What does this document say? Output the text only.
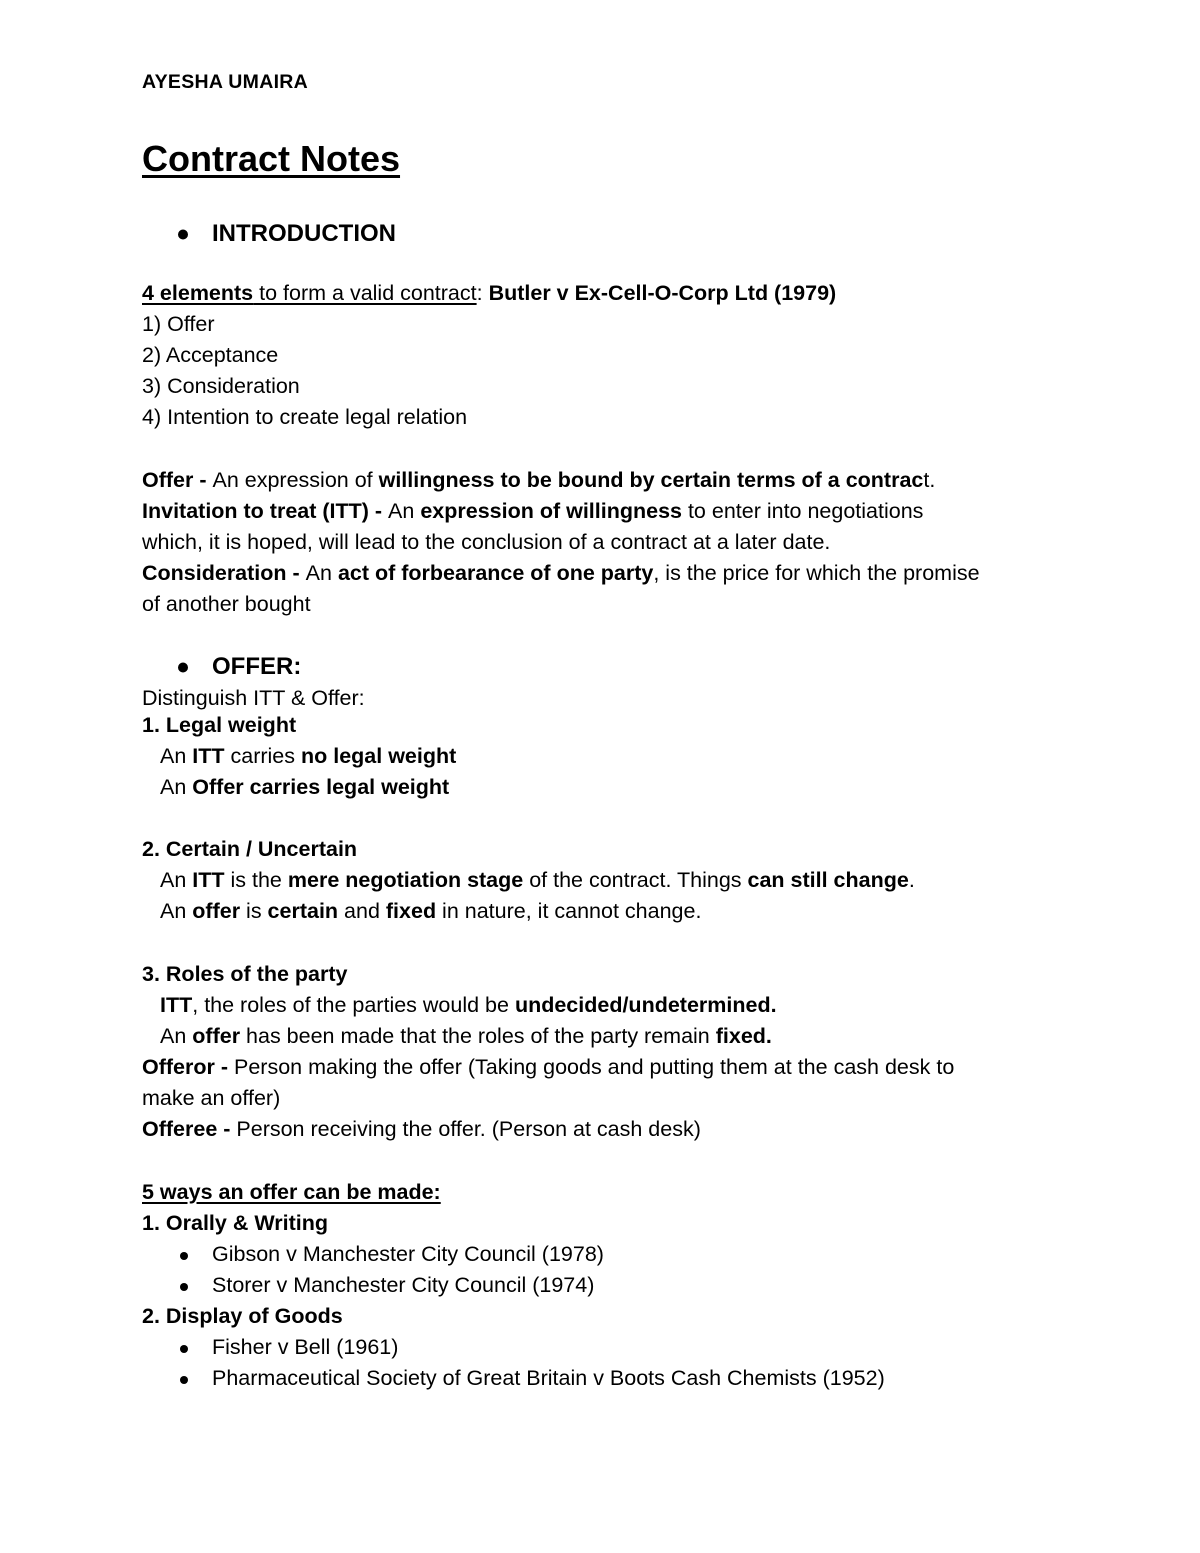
AYESHA UMAIRA
Contract Notes
INTRODUCTION
4 elements to form a valid contract: Butler v Ex-Cell-O-Corp Ltd (1979)
1) Offer
2) Acceptance
3) Consideration
4) Intention to create legal relation
Offer - An expression of willingness to be bound by certain terms of a contract.
Invitation to treat (ITT) - An expression of willingness to enter into negotiations
which, it is hoped, will lead to the conclusion of a contract at a later date.
Consideration - An act of forbearance of one party, is the price for which the promise
of another bought
OFFER:
Distinguish ITT & Offer:
1. Legal weight
An ITT carries no legal weight
An Offer carries legal weight
2. Certain / Uncertain
An ITT is the mere negotiation stage of the contract. Things can still change.
An offer is certain and fixed in nature, it cannot change.
3. Roles of the party
ITT, the roles of the parties would be undecided/undetermined.
An offer has been made that the roles of the party remain fixed.
Offeror - Person making the offer (Taking goods and putting them at the cash desk to
make an offer)
Offeree - Person receiving the offer. (Person at cash desk)
5 ways an offer can be made:
1. Orally & Writing
Gibson v Manchester City Council (1978)
Storer v Manchester City Council (1974)
2. Display of Goods
Fisher v Bell (1961)
Pharmaceutical Society of Great Britain v Boots Cash Chemists (1952)
